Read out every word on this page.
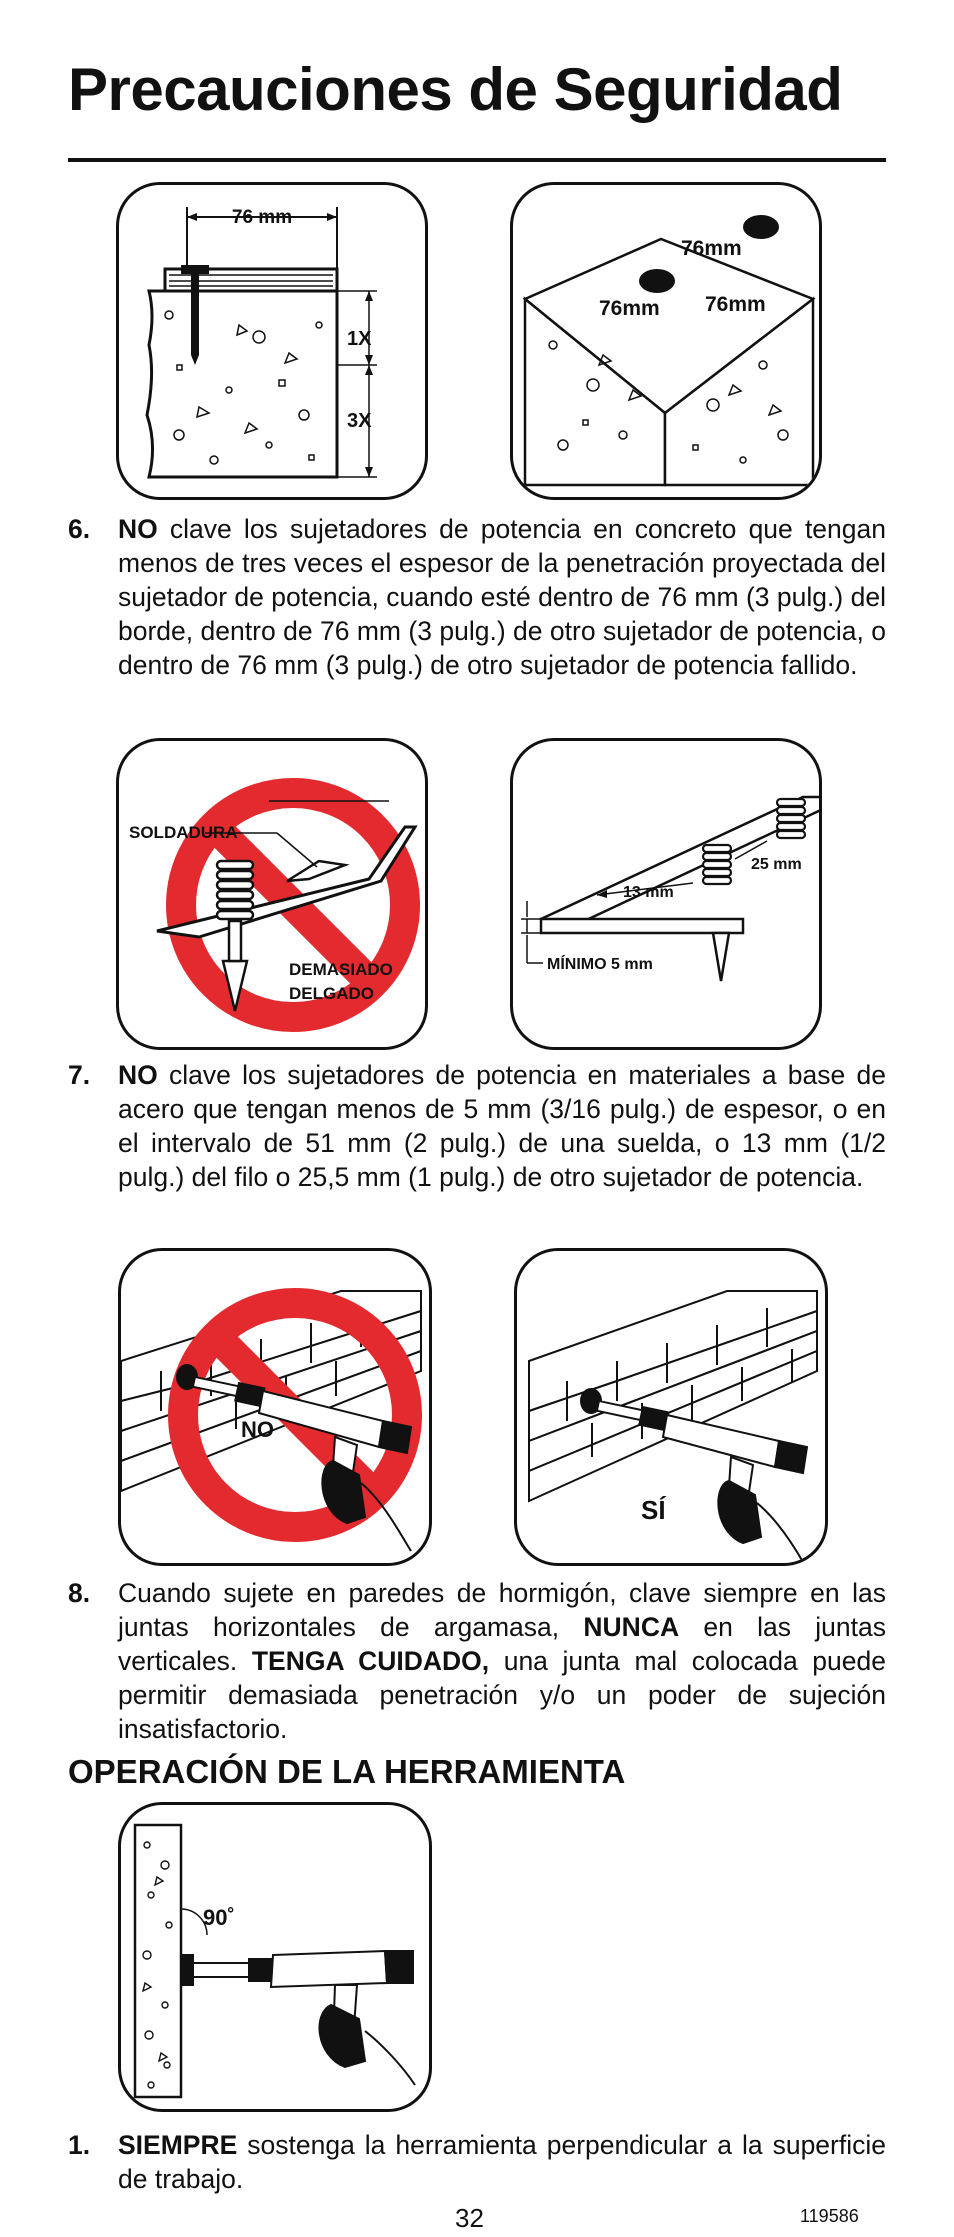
Precauciones de Seguridad
76 mm
1X
3X
76mm
76mm 76mm
6. NO clave los sujetadores de potencia en concreto que tengan menos de tres veces el espesor de la penetración proyectada del sujetador de potencia, cuando esté dentro de 76 mm (3 pulg.) del borde, dentro de 76 mm (3 pulg.) de otro sujetador de potencia, o dentro de 76 mm (3 pulg.) de otro sujetador de potencia fallido.
SOLDADURA
DEMASIADO
DELGADO
13 mm
25 mm
MÍNIMO 5 mm
7. NO clave los sujetadores de potencia en materiales a base de acero que tengan menos de 5 mm (3/16 pulg.) de espesor, o en el intervalo de 51 mm (2 pulg.) de una suelda, o 13 mm (1/2 pulg.) del filo o 25,5 mm (1 pulg.) de otro sujetador de potencia.
NO
SÍ
8. Cuando sujete en paredes de hormigón, clave siempre en las juntas horizontales de argamasa, NUNCA en las juntas verticales. TENGA CUIDADO, una junta mal colocada puede permitir demasiada penetración y/o un poder de sujeción insatisfactorio.
OPERACIÓN DE LA HERRAMIENTA
90˚
1. SIEMPRE sostenga la herramienta perpendicular a la superficie de trabajo.
32	119586
